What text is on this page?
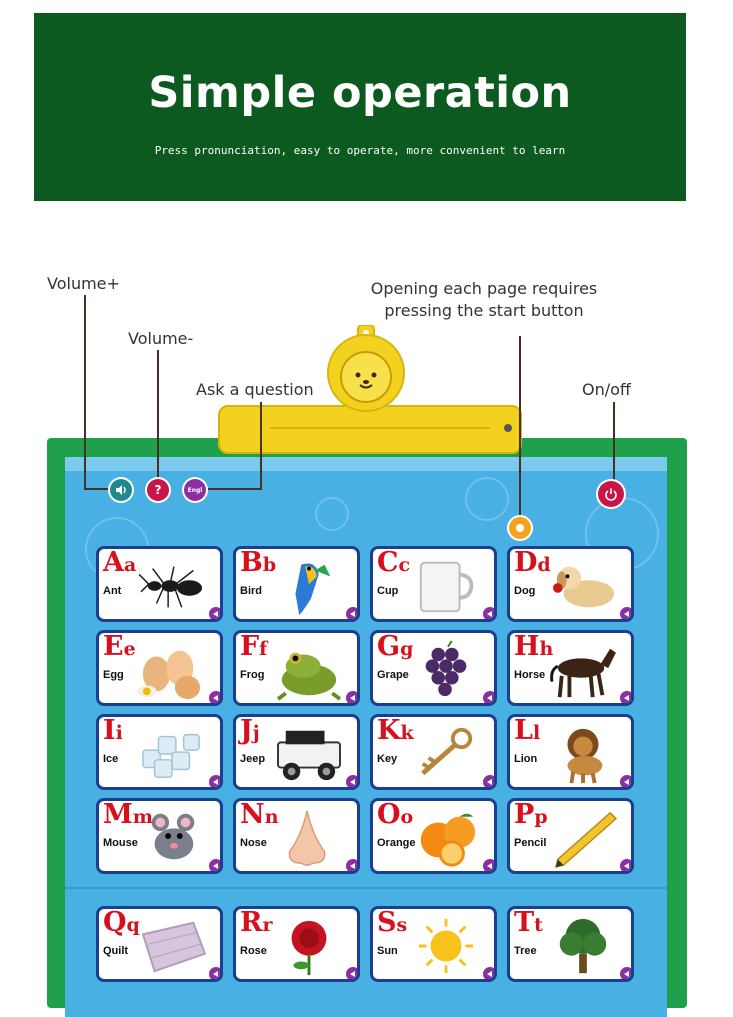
Simple operation
Press pronunciation, easy to operate, more convenient to learn
Volume+
Volume-
Ask a question
Opening each page requires
pressing the start button
On/off
?	Engl
Aa
Ant
Bb
Bird
Cc
Cup
Dd
Dog
Ee
Egg
Ff
Frog
Gg
Grape
Hh
Horse
Ii
Ice
Jj
Jeep
Kk
Key
Ll
Lion
Mm
Mouse
Nn
Nose
Oo
Orange
Pp
Pencil
Qq
Quilt
Rr
Rose
Ss
Sun
Tt
Tree
